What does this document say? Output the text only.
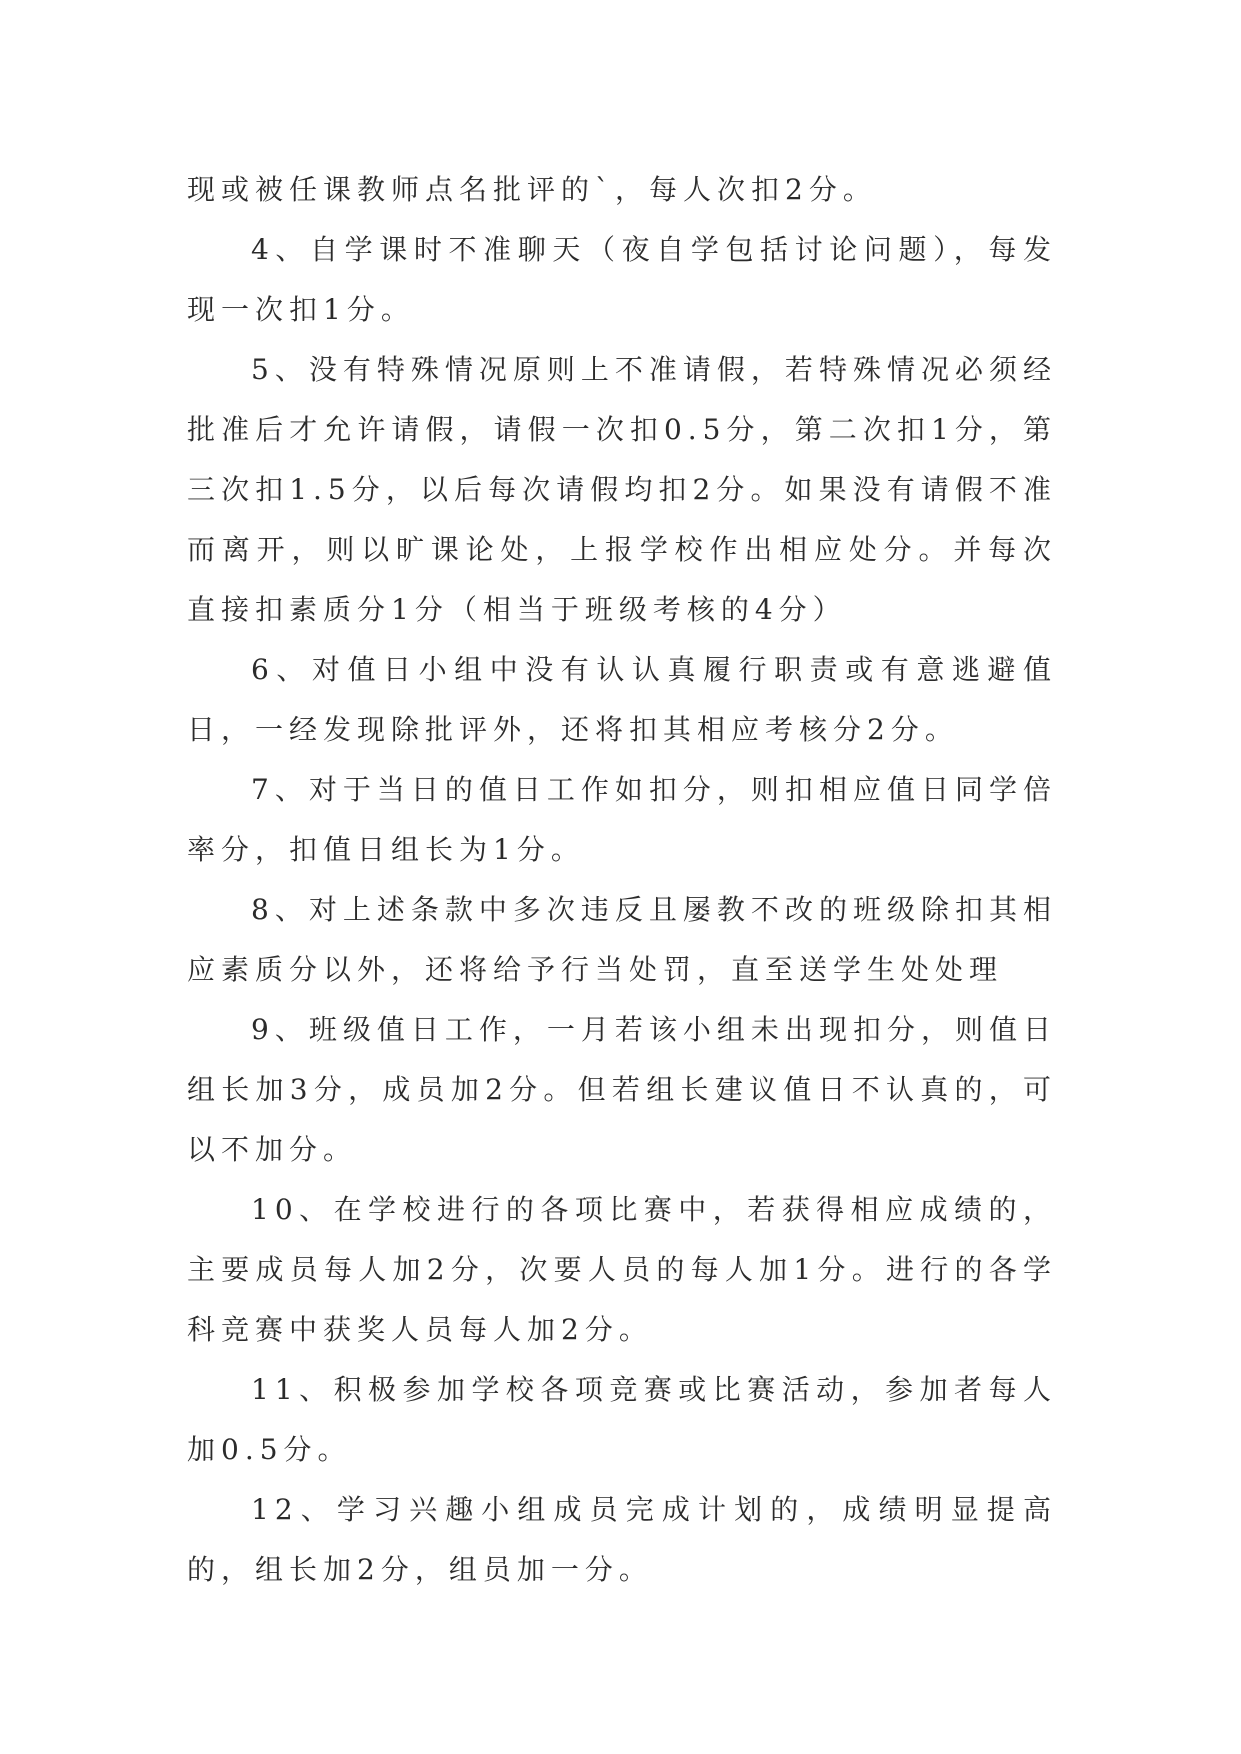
现或被任课教师点名批评的`，每人次扣2分。

4、自学课时不准聊天（夜自学包括讨论问题），每发现一次扣1分。

5、没有特殊情况原则上不准请假，若特殊情况必须经批准后才允许请假，请假一次扣0.5分，第二次扣1分，第三次扣1.5分，以后每次请假均扣2分。如果没有请假不准而离开，则以旷课论处，上报学校作出相应处分。并每次直接扣素质分1分（相当于班级考核的4分）

6、对值日小组中没有认认真履行职责或有意逃避值日，一经发现除批评外，还将扣其相应考核分2分。

7、对于当日的值日工作如扣分，则扣相应值日同学倍率分，扣值日组长为1分。

8、对上述条款中多次违反且屡教不改的班级除扣其相应素质分以外，还将给予行当处罚，直至送学生处处理

9、班级值日工作，一月若该小组未出现扣分，则值日组长加3分，成员加2分。但若组长建议值日不认真的，可以不加分。

10、在学校进行的各项比赛中，若获得相应成绩的，主要成员每人加2分，次要人员的每人加1分。进行的各学科竞赛中获奖人员每人加2分。

11、积极参加学校各项竞赛或比赛活动，参加者每人加0.5分。

12、学习兴趣小组成员完成计划的，成绩明显提高的，组长加2分，组员加一分。
